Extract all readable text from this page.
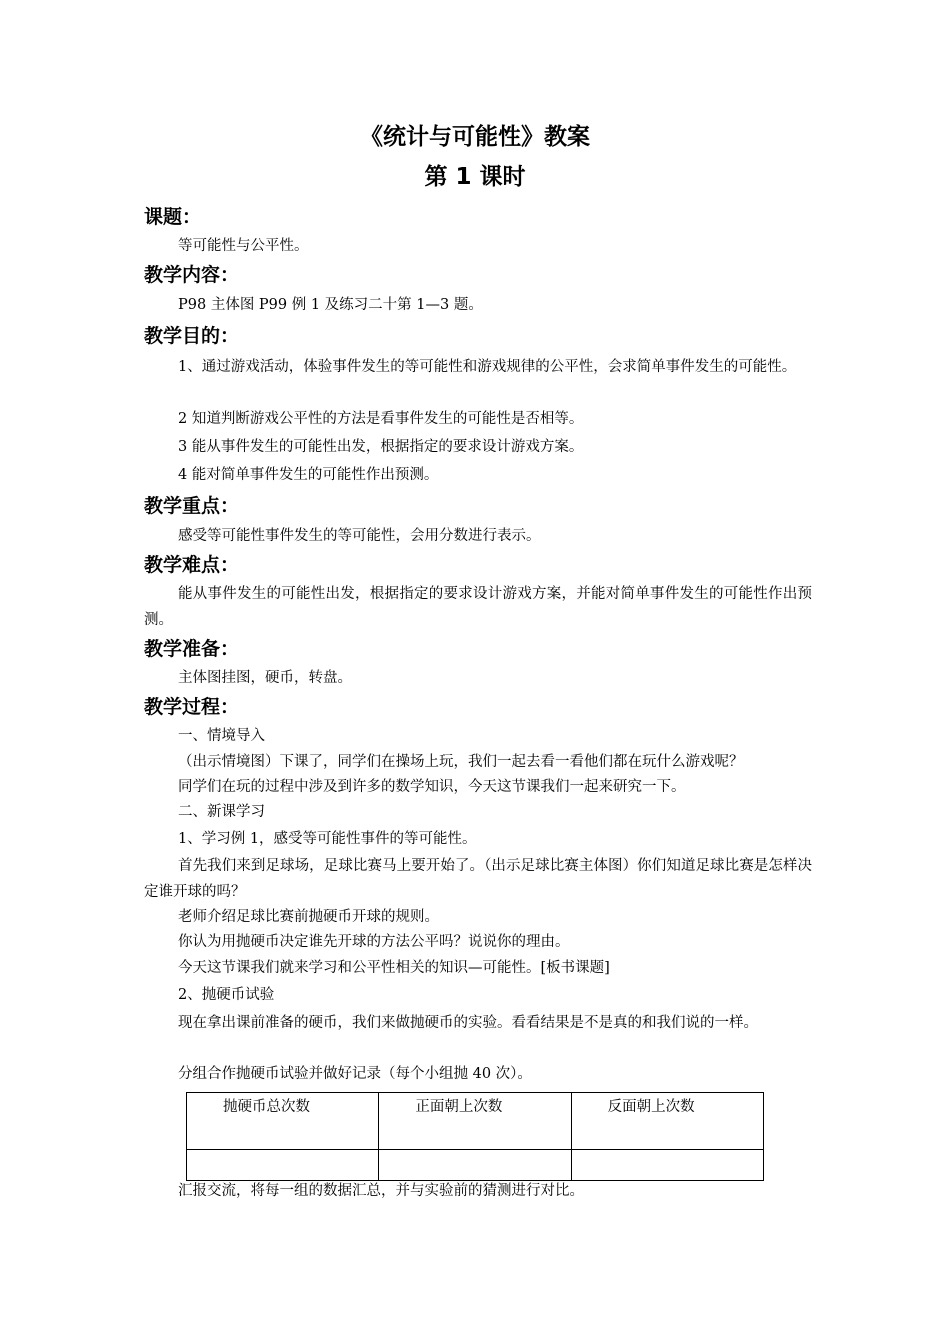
《统计与可能性》教案
第 1 课时
课题：

等可能性与公平性。

教学内容：

P98 主体图 P99 例 1 及练习二十第 1—3 题。

教学目的：

1、通过游戏活动，体验事件发生的等可能性和游戏规律的公平性，会求简单事件发生的可能性。

2 知道判断游戏公平性的方法是看事件发生的可能性是否相等。

3 能从事件发生的可能性出发，根据指定的要求设计游戏方案。

4 能对简单事件发生的可能性作出预测。

教学重点：

感受等可能性事件发生的等可能性，会用分数进行表示。

教学难点：

能从事件发生的可能性出发，根据指定的要求设计游戏方案，并能对简单事件发生的可能性作出预测。

教学准备：

主体图挂图，硬币，转盘。

教学过程：

一、情境导入

（出示情境图）下课了，同学们在操场上玩，我们一起去看一看他们都在玩什么游戏呢？

同学们在玩的过程中涉及到许多的数学知识，今天这节课我们一起来研究一下。

二、新课学习

1、学习例 1，感受等可能性事件的等可能性。

首先我们来到足球场，足球比赛马上要开始了。（出示足球比赛主体图）你们知道足球比赛是怎样决定谁开球的吗？

老师介绍足球比赛前抛硬币开球的规则。

你认为用抛硬币决定谁先开球的方法公平吗？说说你的理由。

今天这节课我们就来学习和公平性相关的知识—可能性。[板书课题]

2、抛硬币试验

现在拿出课前准备的硬币，我们来做抛硬币的实验。看看结果是不是真的和我们说的一样。

分组合作抛硬币试验并做好记录（每个小组抛 40 次）。

抛硬币总次数	正面朝上次数	反面朝上次数

汇报交流，将每一组的数据汇总，并与实验前的猜测进行对比。
